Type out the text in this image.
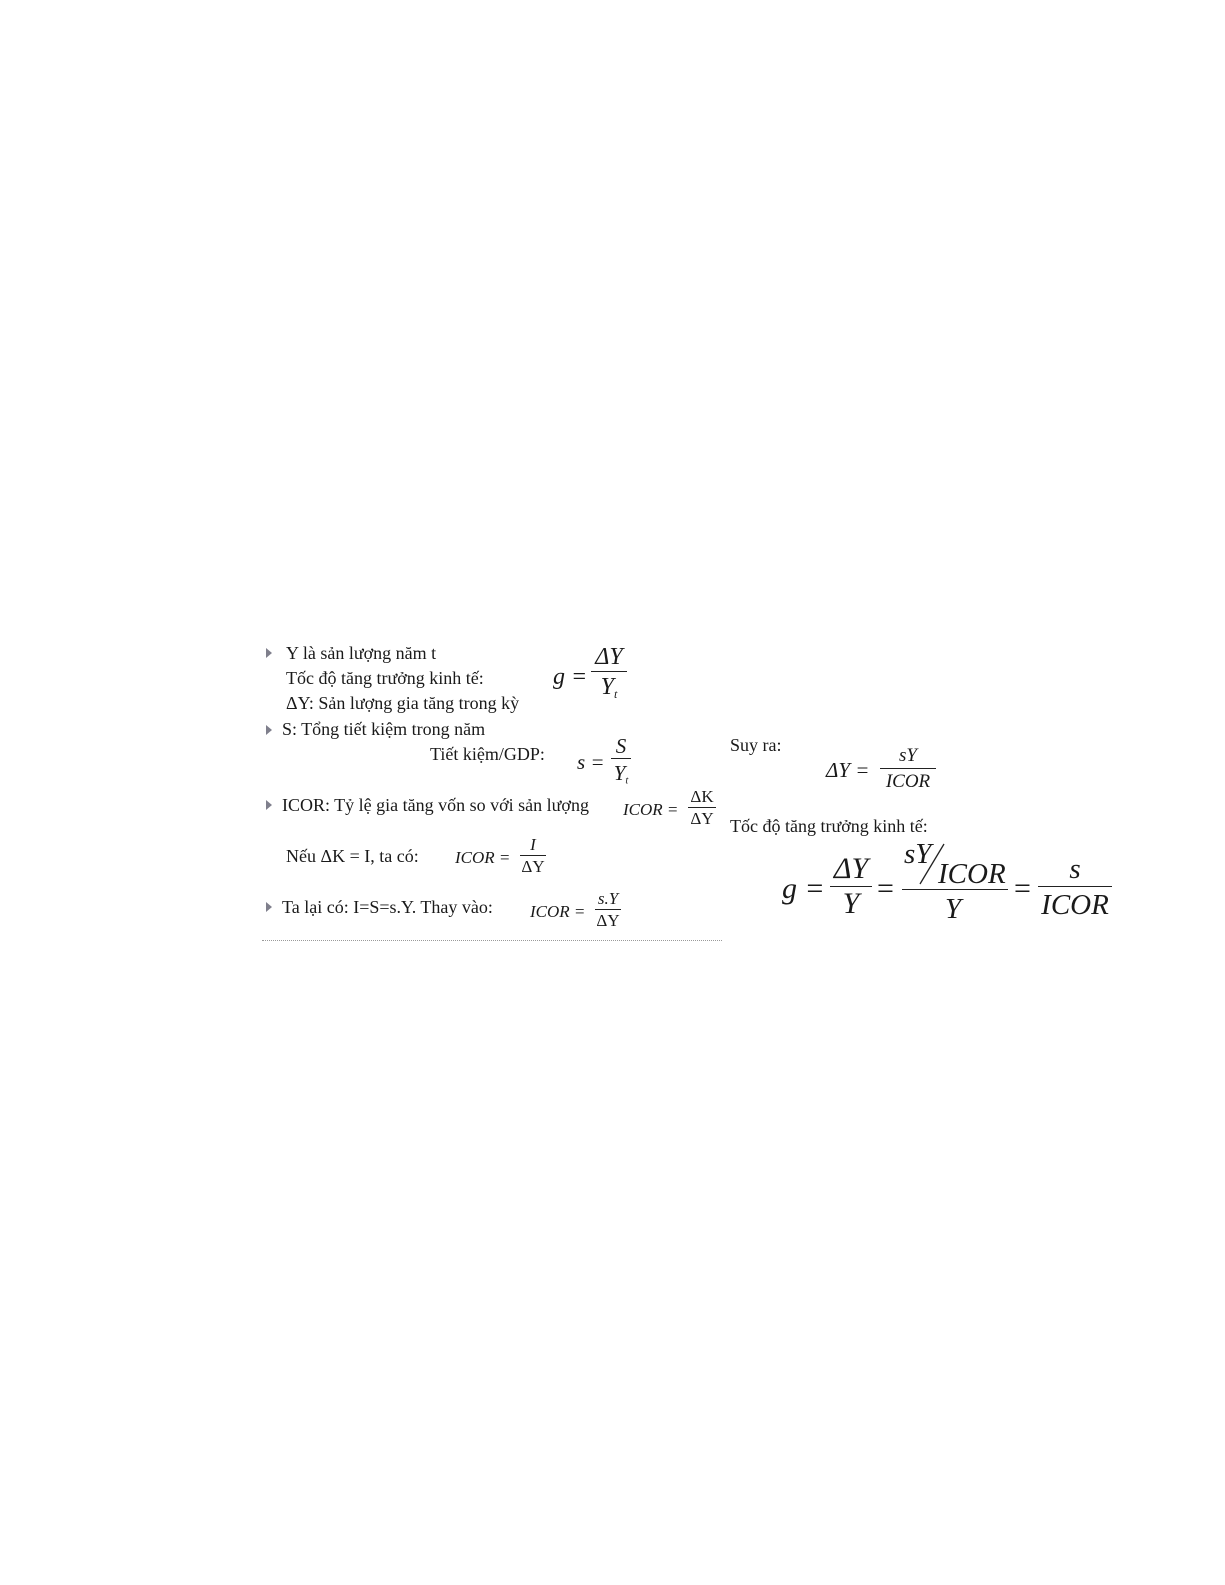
Y là sản lượng năm t
Tốc độ tăng trưởng kinh tế:
ΔY: Sản lượng gia tăng trong kỳ
S: Tổng tiết kiệm trong năm
Tiết kiệm/GDP:
ICOR: Tỷ lệ gia tăng vốn so với sản lượng
Nếu ΔK = I, ta có:
Ta lại có: I=S=s.Y. Thay vào:
Suy ra:
Tốc độ tăng trưởng kinh tế:
g =
ΔY
$Y_t$
s =
S
$Y_t$
ICOR =
ΔK
ΔY
ICOR =
I
ΔY
ICOR =
s.Y
ΔY
ΔY =
sY
ICOR
g =
ΔY
Y =
sY
ICOR
Y
=
s
ICOR
